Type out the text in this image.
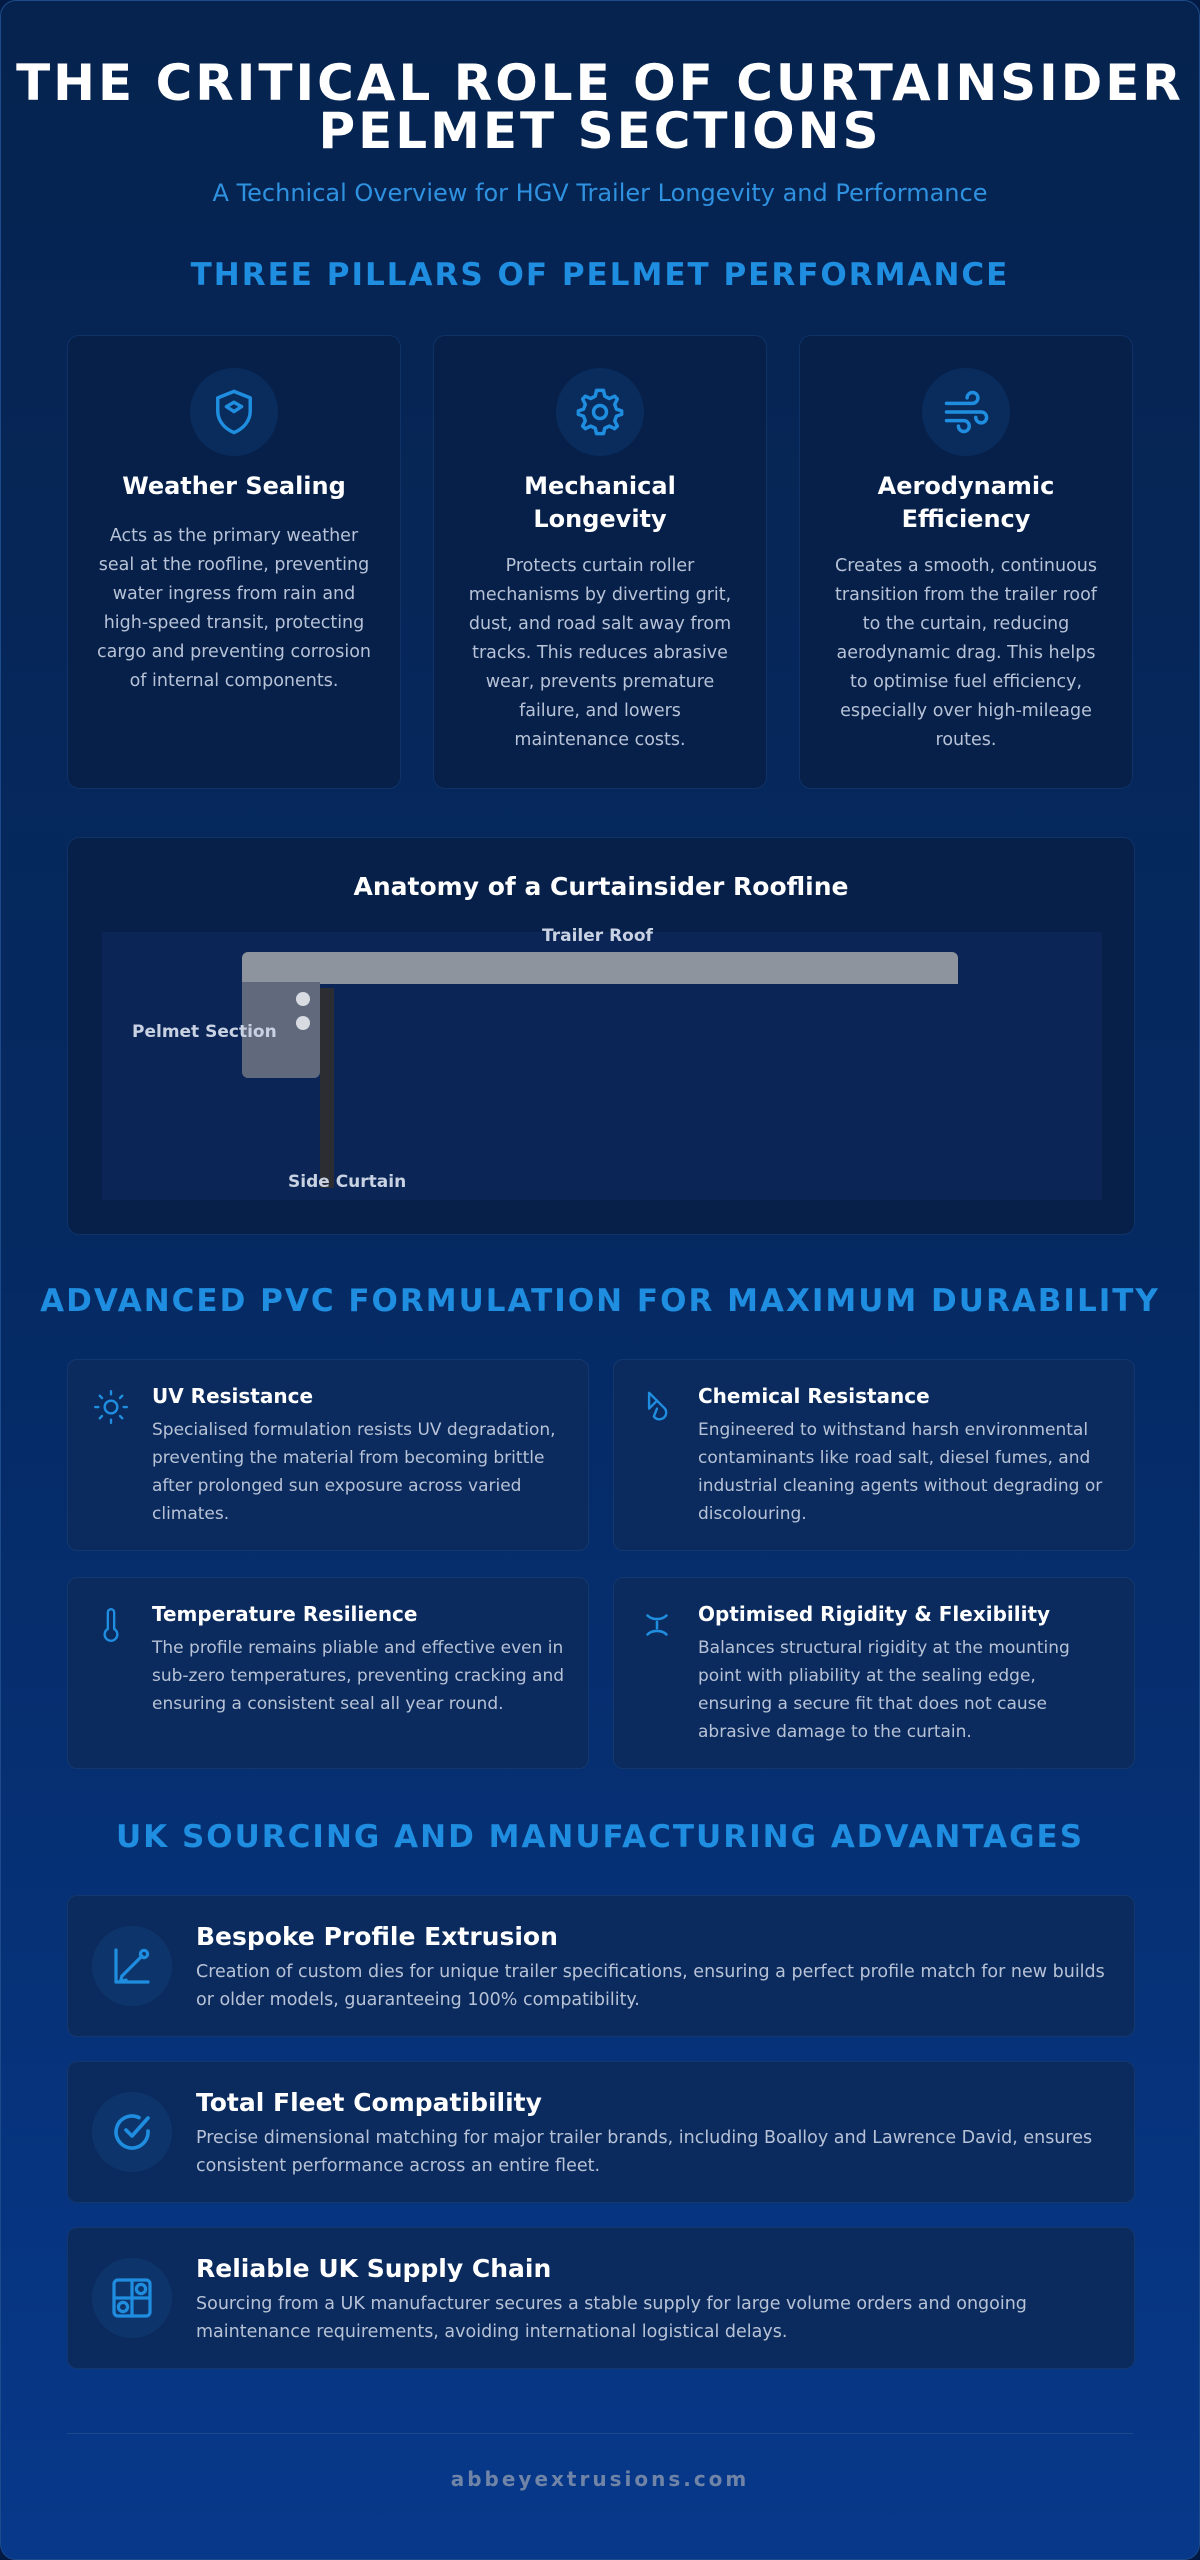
THE CRITICAL ROLE OF CURTAINSIDER PELMET SECTIONS

A Technical Overview for HGV Trailer Longevity and Performance

THREE PILLARS OF PELMET PERFORMANCE
Weather Sealing

Acts as the primary weather seal at the roofline, preventing water ingress from rain and high-speed transit, protecting cargo and preventing corrosion of internal components.

Mechanical Longevity

Protects curtain roller mechanisms by diverting grit, dust, and road salt away from tracks. This reduces abrasive wear, prevents premature failure, and lowers maintenance costs.

Aerodynamic Efficiency

Creates a smooth, continuous transition from the trailer roof to the curtain, reducing aerodynamic drag. This helps to optimise fuel efficiency, especially over high-mileage routes.

Anatomy of a Curtainsider Roofline
Trailer Roof
Pelmet Section
Side Curtain
ADVANCED PVC FORMULATION FOR MAXIMUM DURABILITY
UV Resistance

Specialised formulation resists UV degradation, preventing the material from becoming brittle after prolonged sun exposure across varied climates.

Chemical Resistance

Engineered to withstand harsh environmental contaminants like road salt, diesel fumes, and industrial cleaning agents without degrading or discolouring.

Temperature Resilience

The profile remains pliable and effective even in sub-zero temperatures, preventing cracking and ensuring a consistent seal all year round.

Optimised Rigidity & Flexibility

Balances structural rigidity at the mounting point with pliability at the sealing edge, ensuring a secure fit that does not cause abrasive damage to the curtain.

UK SOURCING AND MANUFACTURING ADVANTAGES
Bespoke Profile Extrusion

Creation of custom dies for unique trailer specifications, ensuring a perfect profile match for new builds or older models, guaranteeing 100% compatibility.

Total Fleet Compatibility

Precise dimensional matching for major trailer brands, including Boalloy and Lawrence David, ensures consistent performance across an entire fleet.

Reliable UK Supply Chain

Sourcing from a UK manufacturer secures a stable supply for large volume orders and ongoing maintenance requirements, avoiding international logistical delays.

abbeyextrusions.com
